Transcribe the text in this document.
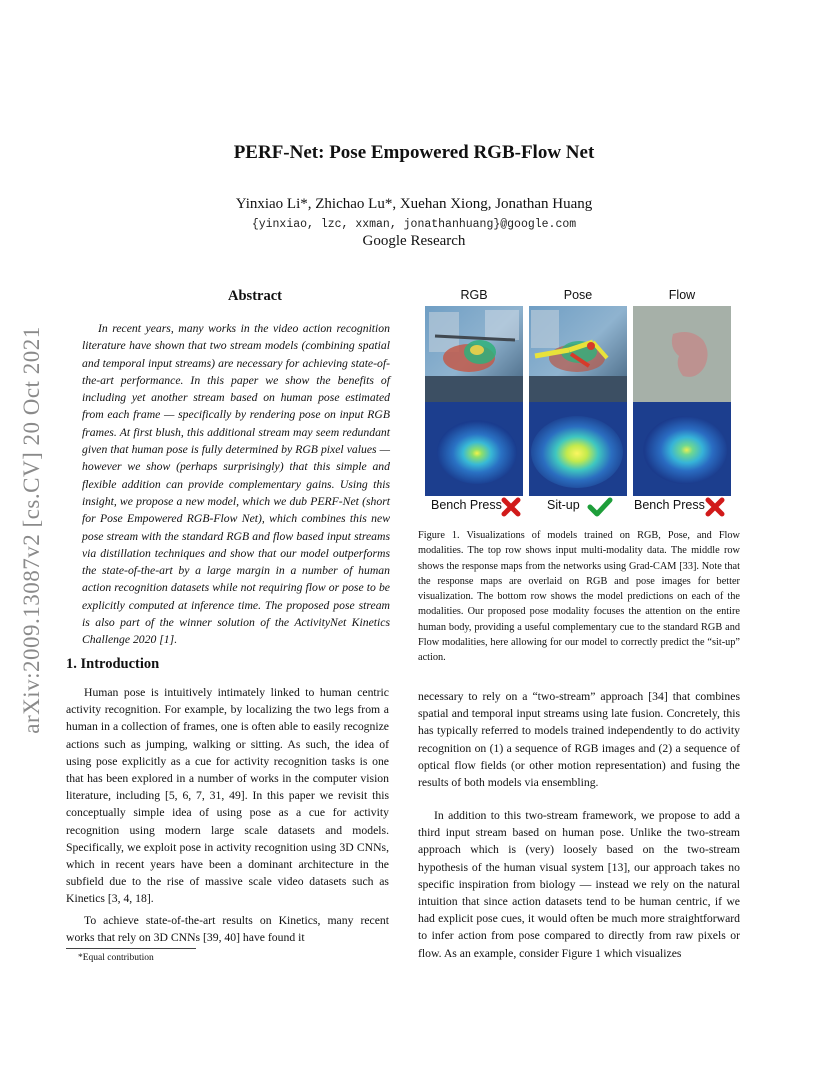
arXiv:2009.13087v2 [cs.CV] 20 Oct 2021
PERF-Net: Pose Empowered RGB-Flow Net
Yinxiao Li*, Zhichao Lu*, Xuehan Xiong, Jonathan Huang
{yinxiao, lzc, xxman, jonathanhuang}@google.com
Google Research
Abstract
In recent years, many works in the video action recognition literature have shown that two stream models (combining spatial and temporal input streams) are necessary for achieving state-of-the-art performance. In this paper we show the benefits of including yet another stream based on human pose estimated from each frame — specifically by rendering pose on input RGB frames. At first blush, this additional stream may seem redundant given that human pose is fully determined by RGB pixel values — however we show (perhaps surprisingly) that this simple and flexible addition can provide complementary gains. Using this insight, we propose a new model, which we dub PERF-Net (short for Pose Empowered RGB-Flow Net), which combines this new pose stream with the standard RGB and flow based input streams via distillation techniques and show that our model outperforms the state-of-the-art by a large margin in a number of human action recognition datasets while not requiring flow or pose to be explicitly computed at inference time. The proposed pose stream is also part of the winner solution of the ActivityNet Kinetics Challenge 2020 [1].
1. Introduction
Human pose is intuitively intimately linked to human centric activity recognition. For example, by localizing the two legs from a human in a collection of frames, one is often able to easily recognize actions such as jumping, walking or sitting. As such, the idea of using pose explicitly as a cue for activity recognition tasks is one that has been explored in a number of works in the computer vision literature, including [5, 6, 7, 31, 49]. In this paper we revisit this conceptually simple idea of using pose as a cue for activity recognition using modern large scale datasets and models. Specifically, we exploit pose in activity recognition using 3D CNNs, which in recent years have been a dominant architecture in the subfield due to the rise of massive scale video datasets such as Kinetics [3, 4, 18].
To achieve state-of-the-art results on Kinetics, many recent works that rely on 3D CNNs [39, 40] have found it
*Equal contribution
necessary to rely on a “two-stream” approach [34] that combines spatial and temporal input streams using late fusion. Concretely, this has typically referred to models trained independently to do activity recognition on (1) a sequence of RGB images and (2) a sequence of optical flow fields (or other motion representation) and fusing the results of both models via ensembling.
In addition to this two-stream framework, we propose to add a third input stream based on human pose. Unlike the two-stream approach which is (very) loosely based on the two-stream hypothesis of the human visual system [13], our approach takes no specific inspiration from biology — instead we rely on the natural intuition that since action datasets tend to be human centric, if we had explicit pose cues, it would often be much more straightforward to infer action from pose compared to directly from raw pixels or flow. As an example, consider Figure 1 which visualizes
RGB	Pose	Flow
Bench Press	Sit-up	Bench Press
Figure 1. Visualizations of models trained on RGB, Pose, and Flow modalities. The top row shows input multi-modality data. The middle row shows the response maps from the networks using Grad-CAM [33]. Note that the response maps are overlaid on RGB and pose images for better visualization. The bottom row shows the model predictions on each of the modalities. Our proposed pose modality focuses the attention on the entire human body, providing a useful complementary cue to the standard RGB and Flow modalities, here allowing for our model to correctly predict the “sit-up” action.
